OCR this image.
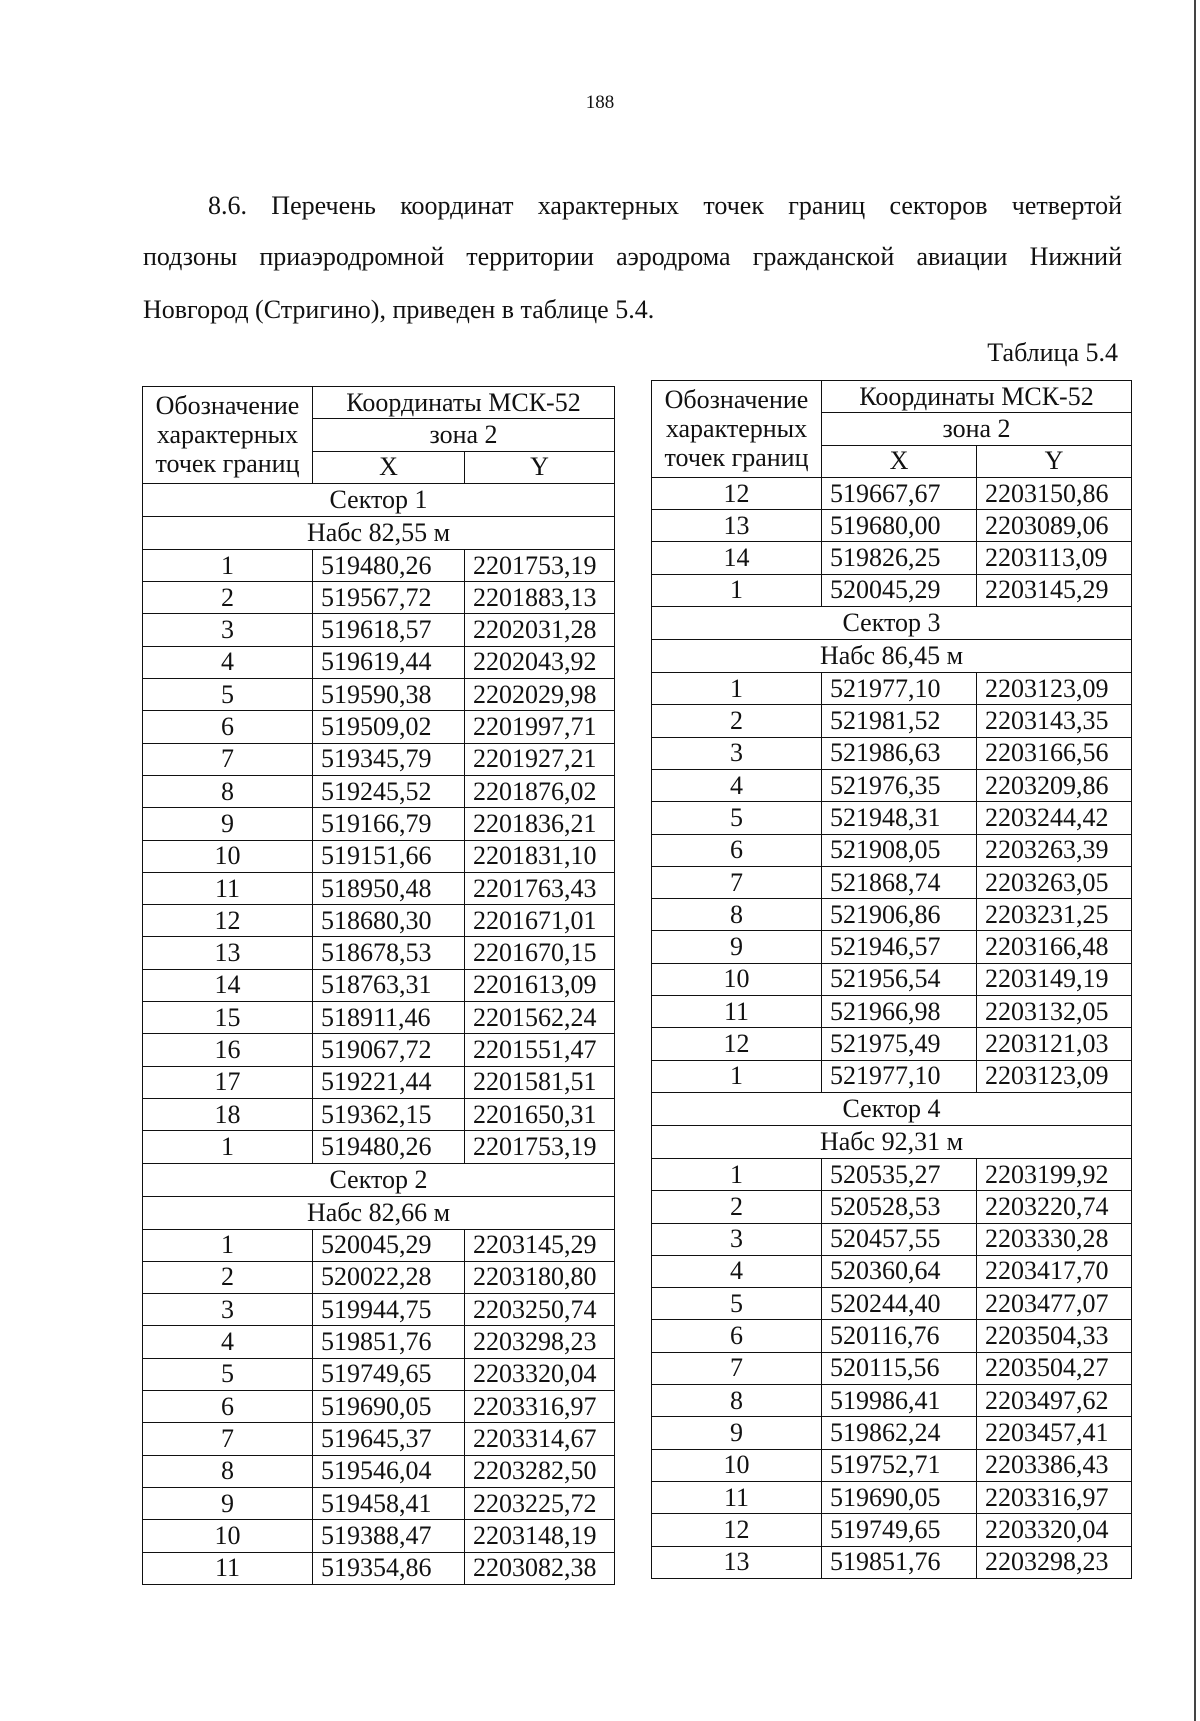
188
8.6. Перечень координат характерных точек границ секторов четвертой
подзоны приаэродромной территории аэродрома гражданской авиации Нижний
Новгород (Стригино), приведен в таблице 5.4.
Таблица 5.4
Обозначение
характерных
точек границ	Координаты МСК-52	
	зона 2	
	X	Y
Сектор 1		
Набс 82,55 м		
1	519480,26	2201753,19
2	519567,72	2201883,13
3	519618,57	2202031,28
4	519619,44	2202043,92
5	519590,38	2202029,98
6	519509,02	2201997,71
7	519345,79	2201927,21
8	519245,52	2201876,02
9	519166,79	2201836,21
10	519151,66	2201831,10
11	518950,48	2201763,43
12	518680,30	2201671,01
13	518678,53	2201670,15
14	518763,31	2201613,09
15	518911,46	2201562,24
16	519067,72	2201551,47
17	519221,44	2201581,51
18	519362,15	2201650,31
1	519480,26	2201753,19
Сектор 2		
Набс 82,66 м		
1	520045,29	2203145,29
2	520022,28	2203180,80
3	519944,75	2203250,74
4	519851,76	2203298,23
5	519749,65	2203320,04
6	519690,05	2203316,97
7	519645,37	2203314,67
8	519546,04	2203282,50
9	519458,41	2203225,72
10	519388,47	2203148,19
11	519354,86	2203082,38
Обозначение
характерных
точек границ	Координаты МСК-52	
	зона 2	
	X	Y
12	519667,67	2203150,86
13	519680,00	2203089,06
14	519826,25	2203113,09
1	520045,29	2203145,29
Сектор 3		
Набс 86,45 м		
1	521977,10	2203123,09
2	521981,52	2203143,35
3	521986,63	2203166,56
4	521976,35	2203209,86
5	521948,31	2203244,42
6	521908,05	2203263,39
7	521868,74	2203263,05
8	521906,86	2203231,25
9	521946,57	2203166,48
10	521956,54	2203149,19
11	521966,98	2203132,05
12	521975,49	2203121,03
1	521977,10	2203123,09
Сектор 4		
Набс 92,31 м		
1	520535,27	2203199,92
2	520528,53	2203220,74
3	520457,55	2203330,28
4	520360,64	2203417,70
5	520244,40	2203477,07
6	520116,76	2203504,33
7	520115,56	2203504,27
8	519986,41	2203497,62
9	519862,24	2203457,41
10	519752,71	2203386,43
11	519690,05	2203316,97
12	519749,65	2203320,04
13	519851,76	2203298,23
